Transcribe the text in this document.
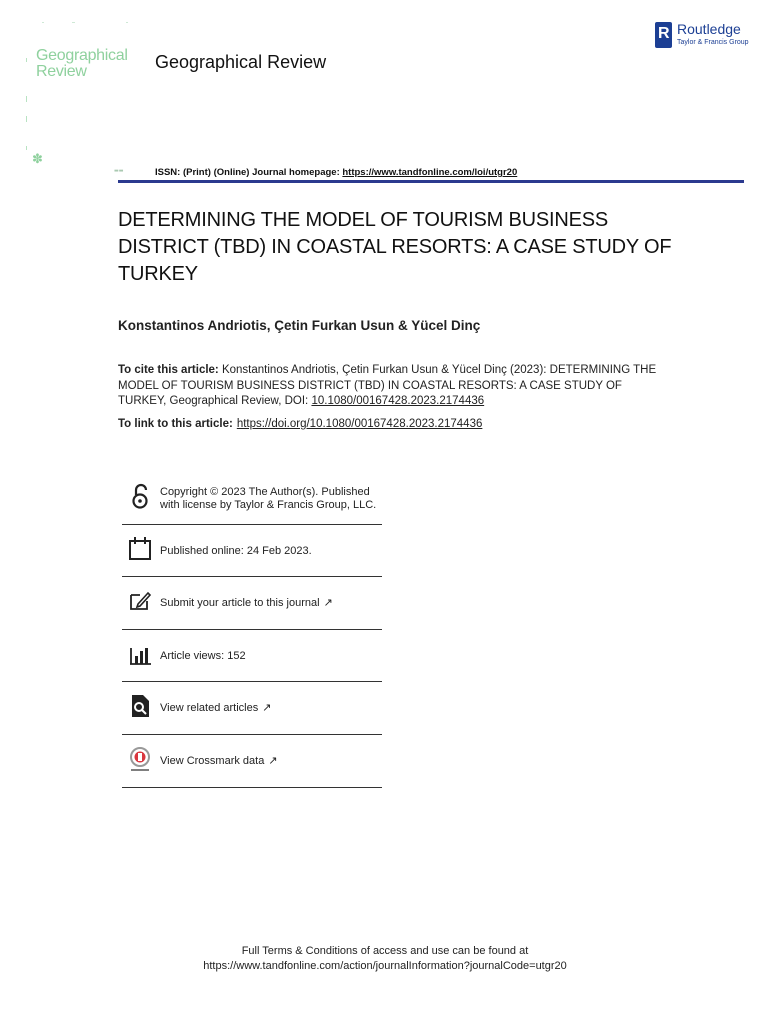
Geographical
Review
✽
▬▬
Geographical Review
R Routledge
Taylor & Francis Group
ISSN: (Print) (Online) Journal homepage: https://www.tandfonline.com/loi/utgr20
DETERMINING THE MODEL OF TOURISM BUSINESS DISTRICT (TBD) IN COASTAL RESORTS: A CASE STUDY OF TURKEY
Konstantinos Andriotis, Çetin Furkan Usun & Yücel Dinç
To cite this article: Konstantinos Andriotis, Çetin Furkan Usun & Yücel Dinç (2023): DETERMINING THE MODEL OF TOURISM BUSINESS DISTRICT (TBD) IN COASTAL RESORTS: A CASE STUDY OF TURKEY, Geographical Review, DOI: 10.1080/00167428.2023.2174436
To link to this article: https://doi.org/10.1080/00167428.2023.2174436
Copyright © 2023 The Author(s). Published
with license by Taylor & Francis Group, LLC.
Published online: 24 Feb 2023.
Submit your article to this journal ↗
Article views: 152
View related articles ↗
View Crossmark data ↗
Full Terms & Conditions of access and use can be found at
https://www.tandfonline.com/action/journalInformation?journalCode=utgr20
